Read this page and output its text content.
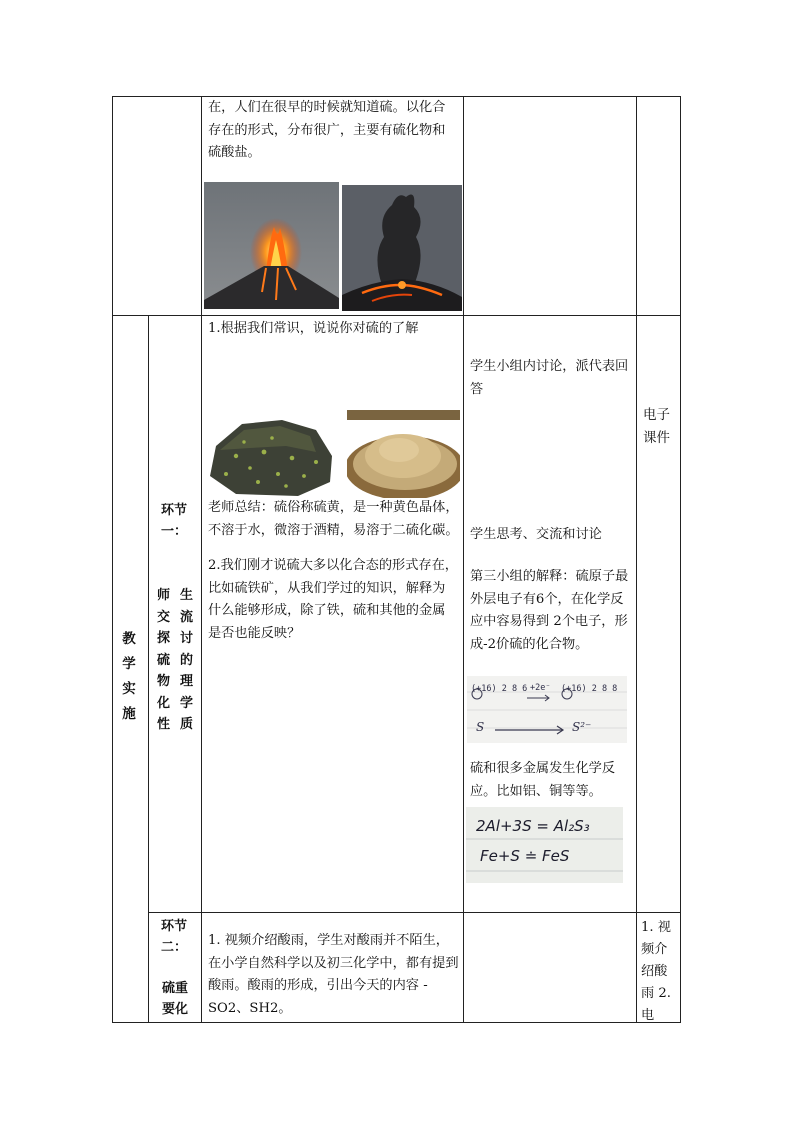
在，人们在很早的时候就知道硫。以化合存在的形式，分布很广，主要有硫化物和硫酸盐。

教学实施
环节一：
师生交流探讨硫的物理化学性质

1.根据我们常识，说说你对硫的了解

老师总结：硫俗称硫黄，是一种黄色晶体，不溶于水，微溶于酒精，易溶于二硫化碳。

2.我们刚才说硫大多以化合态的形式存在，比如硫铁矿，从我们学过的知识，解释为什么能够形成，除了铁，硫和其他的金属是否也能反映？

学生小组内讨论，派代表回答

学生思考、交流和讨论

第三小组的解释：硫原子最外层电子有6个，在化学反应中容易得到 2个电子，形成-2价硫的化合物。

(+16) 2 8 6 +2e⁻ (+16) 2 8 8
S	S²⁻

硫和很多金属发生化学反应。比如铝、铜等等。

2Al+3S = Al₂S₃
Fe+S ≐ FeS

电子课件

环节二：
硫重要化

1. 视频介绍酸雨，学生对酸雨并不陌生，在小学自然科学以及初三化学中，都有提到酸雨。酸雨的形成，引出今天的内容 -SO2、SH2。

1. 视频介绍酸雨 2. 电
